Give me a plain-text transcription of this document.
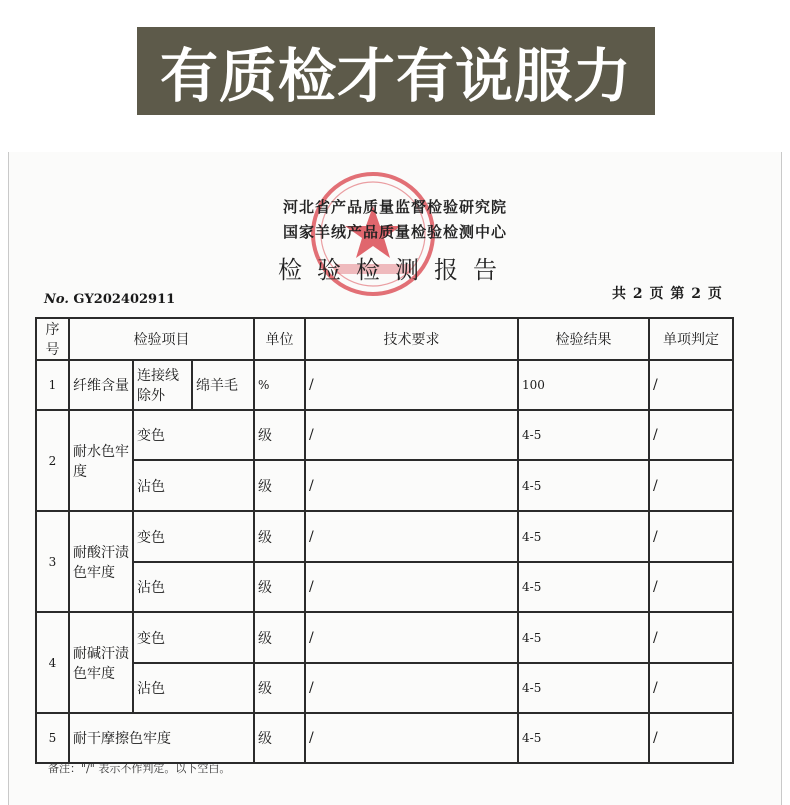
有质检才有说服力
河北省产品质量监督检验研究院
国家羊绒产品质量检验检测中心
检验检测报告
No. GY202402911	共 2 页 第 2 页
序号	检验项目			单位	技术要求	检验结果	单项判定
1	纤维含量	连接线除外	绵羊毛	%	/	100	/
2	耐水色牢度	变色		级	/	4-5	/
		沾色		级	/	4-5	/
3	耐酸汗渍色牢度	变色		级	/	4-5	/
		沾色		级	/	4-5	/
4	耐碱汗渍色牢度	变色		级	/	4-5	/
		沾色		级	/	4-5	/
5	耐干摩擦色牢度			级	/	4-5	/
备注："/" 表示不作判定。以下空白。
